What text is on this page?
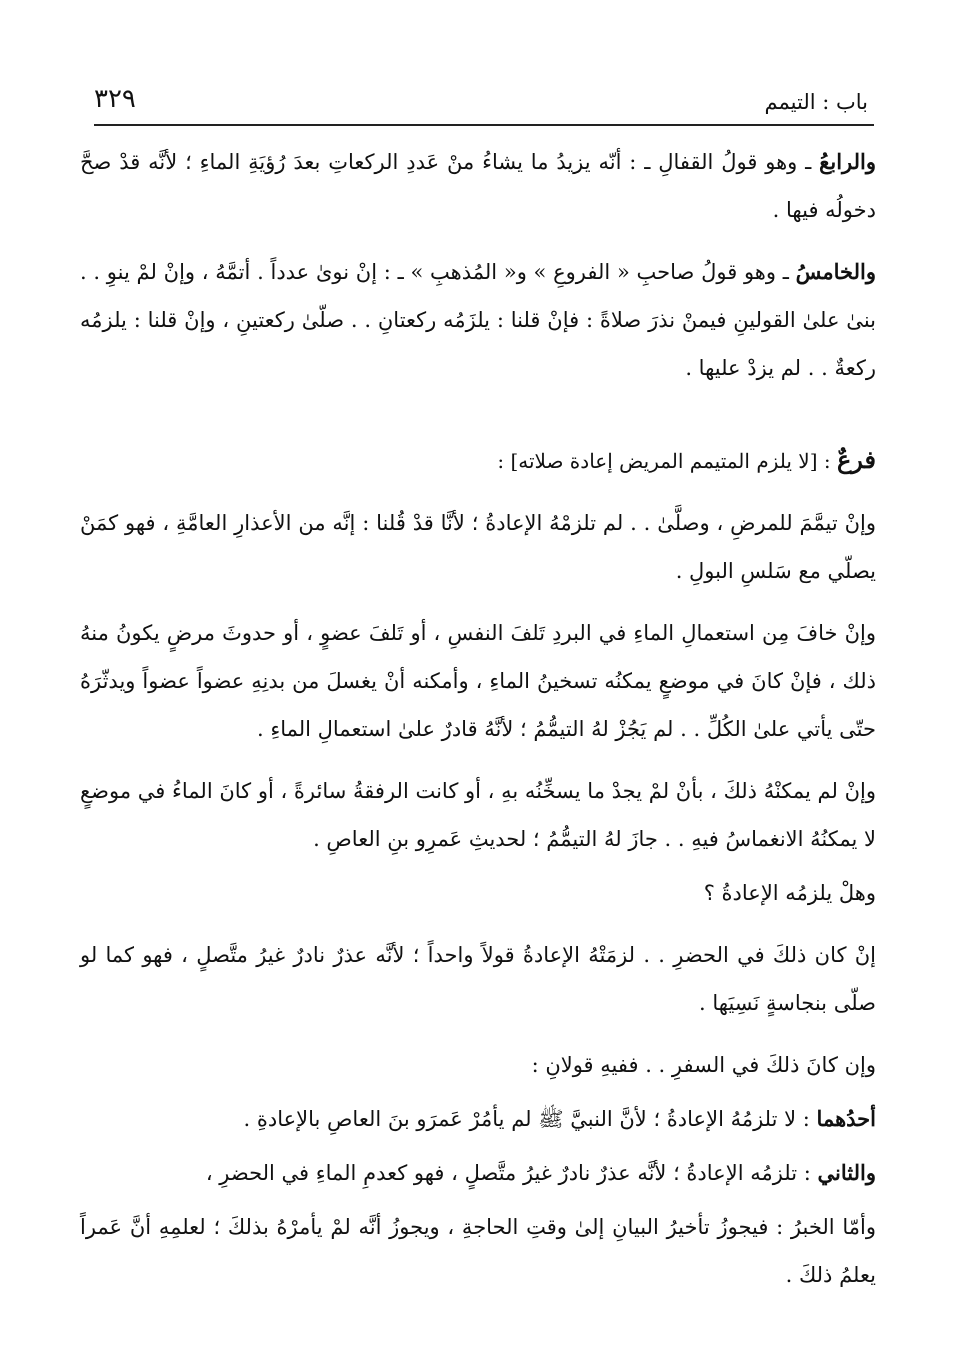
باب : التيمم
٣٢٩

والرابعُ ـ وهو قولُ القفالِ ـ : أنّه يزيدُ ما يشاءُ منْ عَددِ الركعاتِ بعدَ رُؤيَةِ الماءِ ؛ لأنَّه قدْ صحَّ دخولُه فيها .

والخامسُ ـ وهو قولُ صاحبِ « الفروعِ » و« المُذهبِ » ـ : إنْ نوىٰ عدداً . أتمَّهُ ، وإنْ لمْ ينوِ . . بنىٰ علىٰ القولينِ فيمنْ نذرَ صلاةً : فإنْ قلنا : يلزَمُه ركعتانِ . . صلّىٰ ركعتينِ ، وإنْ قلنا : يلزمُه ركعةٌ . . لم يزدْ عليها .

فرعٌ : [لا يلزم المتيمم المريض إعادة صلاته] :

وإنْ تيمَّمَ للمرضِ ، وصلَّىٰ . . لم تلزمْهُ الإعادةُ ؛ لأنَّا قدْ قُلنا : إنَّه من الأعذارِ العامَّةِ ، فهو كمَنْ يصلّي مع سَلسِ البولِ .

وإنْ خافَ مِن استعمالِ الماءِ في البردِ تَلفَ النفسِ ، أو تَلفَ عضوٍ ، أو حدوثَ مرضٍ يكونُ منهُ ذلك ، فإنْ كانَ في موضعٍ يمكنُه تسخينُ الماءِ ، وأمكنه أنْ يغسلَ من بدنِهِ عضواً عضواً ويدثّرَهُ حتّى يأتي علىٰ الكُلِّ . . لم يَجُزْ لهُ التيمُّمُ ؛ لأنَّهُ قادرٌ علىٰ استعمالِ الماءِ .

وإنْ لم يمكنْهُ ذلكَ ، بأنْ لمْ يجدْ ما يسخِّنُه بهِ ، أو كانت الرفقةُ سائرةً ، أو كانَ الماءُ في موضعٍ لا يمكنُهُ الانغماسُ فيهِ . . جازَ لهُ التيمُّمُ ؛ لحديثِ عَمرِو بنِ العاصِ .

وهلْ يلزمُه الإعادةُ ؟

إنْ كان ذلكَ في الحضرِ . . لزمَتْهُ الإعادةُ قولاً واحداً ؛ لأنَّه عذرٌ نادرٌ غيرُ متَّصلٍ ، فهو كما لو صلّى بنجاسةٍ نَسِيَها .

وإن كانَ ذلكَ في السفرِ . . ففيهِ قولانِ :

أحدُهما : لا تلزمُهُ الإعادةُ ؛ لأنَّ النبيَّ ﷺ لم يأمُرْ عَمرَو بنَ العاصِ بالإعادةِ .

والثاني : تلزمُه الإعادةُ ؛ لأنَّه عذرٌ نادرٌ غيرُ متَّصلٍ ، فهو كعدمِ الماءِ في الحضرِ ،

وأمّا الخبرُ : فيجوزُ تأخيرُ البيانِ إلىٰ وقتِ الحاجةِ ، ويجوزُ أنَّه لمْ يأمرْهُ بذلكَ ؛ لعلمِهِ أنَّ عَمراً يعلمُ ذلكَ .
